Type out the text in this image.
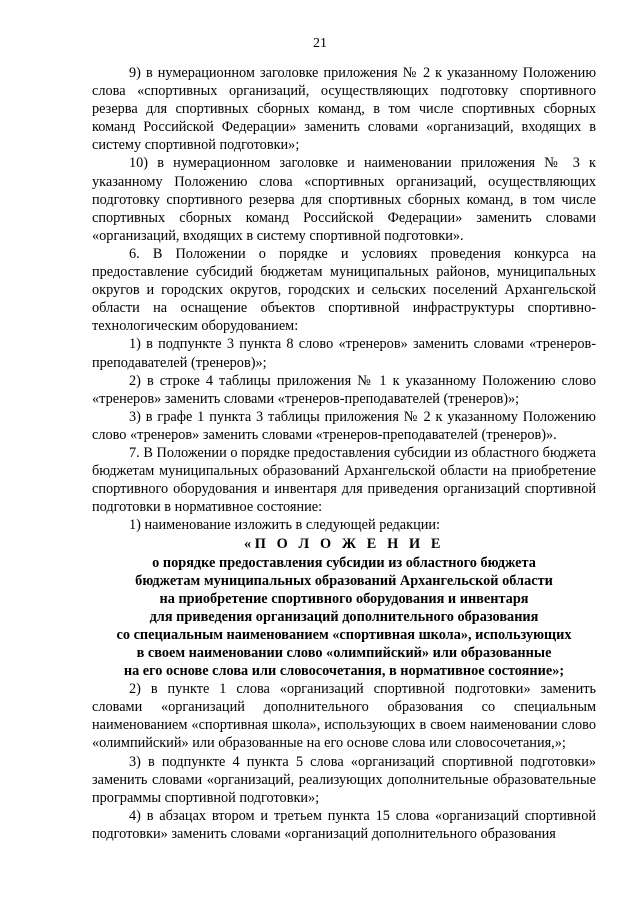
21

9) в нумерационном заголовке приложения № 2 к указанному Положению слова «спортивных организаций, осуществляющих подготовку спортивного резерва для спортивных сборных команд, в том числе спортивных сборных команд Российской Федерации» заменить словами «организаций, входящих в систему спортивной подготовки»;

10) в нумерационном заголовке и наименовании приложения № 3 к указанному Положению слова «спортивных организаций, осуществляющих подготовку спортивного резерва для спортивных сборных команд, в том числе спортивных сборных команд Российской Федерации» заменить словами «организаций, входящих в систему спортивной подготовки».

6. В Положении о порядке и условиях проведения конкурса на предоставление субсидий бюджетам муниципальных районов, муниципальных округов и городских округов, городских и сельских поселений Архангельской области на оснащение объектов спортивной инфраструктуры спортивно-технологическим оборудованием:

1) в подпункте 3 пункта 8 слово «тренеров» заменить словами «тренеров-преподавателей (тренеров)»;

2) в строке 4 таблицы приложения № 1 к указанному Положению слово «тренеров» заменить словами «тренеров-преподавателей (тренеров)»;

3) в графе 1 пункта 3 таблицы приложения № 2 к указанному Положению слово «тренеров» заменить словами «тренеров-преподавателей (тренеров)».

7. В Положении о порядке предоставления субсидии из областного бюджета бюджетам муниципальных образований Архангельской области на приобретение спортивного оборудования и инвентаря для приведения организаций спортивной подготовки в нормативное состояние:

1) наименование изложить в следующей редакции:

«П О Л О Ж Е Н И Е
о порядке предоставления субсидии из областного бюджета
бюджетам муниципальных образований Архангельской области
на приобретение спортивного оборудования и инвентаря
для приведения организаций дополнительного образования
со специальным наименованием «спортивная школа», использующих
в своем наименовании слово «олимпийский» или образованные
на его основе слова или словосочетания, в нормативное состояние»;

2) в пункте 1 слова «организаций спортивной подготовки» заменить словами «организаций дополнительного образования со специальным наименованием «спортивная школа», использующих в своем наименовании слово «олимпийский» или образованные на его основе слова или словосочетания,»;

3) в подпункте 4 пункта 5 слова «организаций спортивной подготовки» заменить словами «организаций, реализующих дополнительные образовательные программы спортивной подготовки»;

4) в абзацах втором и третьем пункта 15 слова «организаций спортивной подготовки» заменить словами «организаций дополнительного образования
